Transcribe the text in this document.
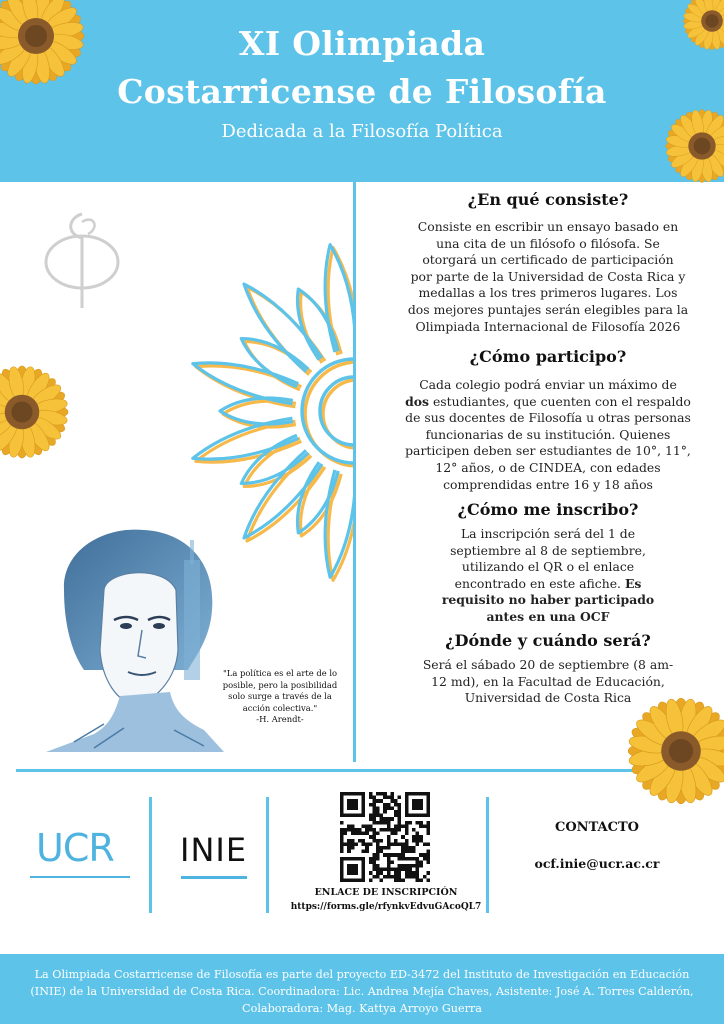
XI Olimpiada
Costarricense de Filosofía
Dedicada a la Filosofía Política
"La política es el arte de lo
posible, pero la posibilidad
solo surge a través de la
acción colectiva."
-H. Arendt-
¿En qué consiste?
Consiste en escribir un ensayo basado en
una cita de un filósofo o filósofa. Se
otorgará un certificado de participación
por parte de la Universidad de Costa Rica y
medallas a los tres primeros lugares. Los
dos mejores puntajes serán elegibles para la
Olimpiada Internacional de Filosofía 2026
¿Cómo participo?
Cada colegio podrá enviar un máximo de
dos estudiantes, que cuenten con el respaldo
de sus docentes de Filosofía u otras personas
funcionarias de su institución. Quienes
participen deben ser estudiantes de 10°, 11°,
12° años, o de CINDEA, con edades
comprendidas entre 16 y 18 años
¿Cómo me inscribo?
La inscripción será del 1 de
septiembre al 8 de septiembre,
utilizando el QR o el enlace
encontrado en este afiche. Es
requisito no haber participado
antes en una OCF
¿Dónde y cuándo será?
Será el sábado 20 de septiembre (8 am-
12 md), en la Facultad de Educación,
Universidad de Costa Rica
UCR INIE
ENLACE DE INSCRIPCIÓN
https://forms.gle/rfynkvEdvuGAcoQL7
CONTACTO
ocf.inie@ucr.ac.cr
La Olimpiada Costarricense de Filosofía es parte del proyecto ED-3472 del Instituto de Investigación en Educación
(INIE) de la Universidad de Costa Rica. Coordinadora: Lic. Andrea Mejía Chaves, Asistente: José A. Torres Calderón,
Colaboradora: Mag. Kattya Arroyo Guerra
